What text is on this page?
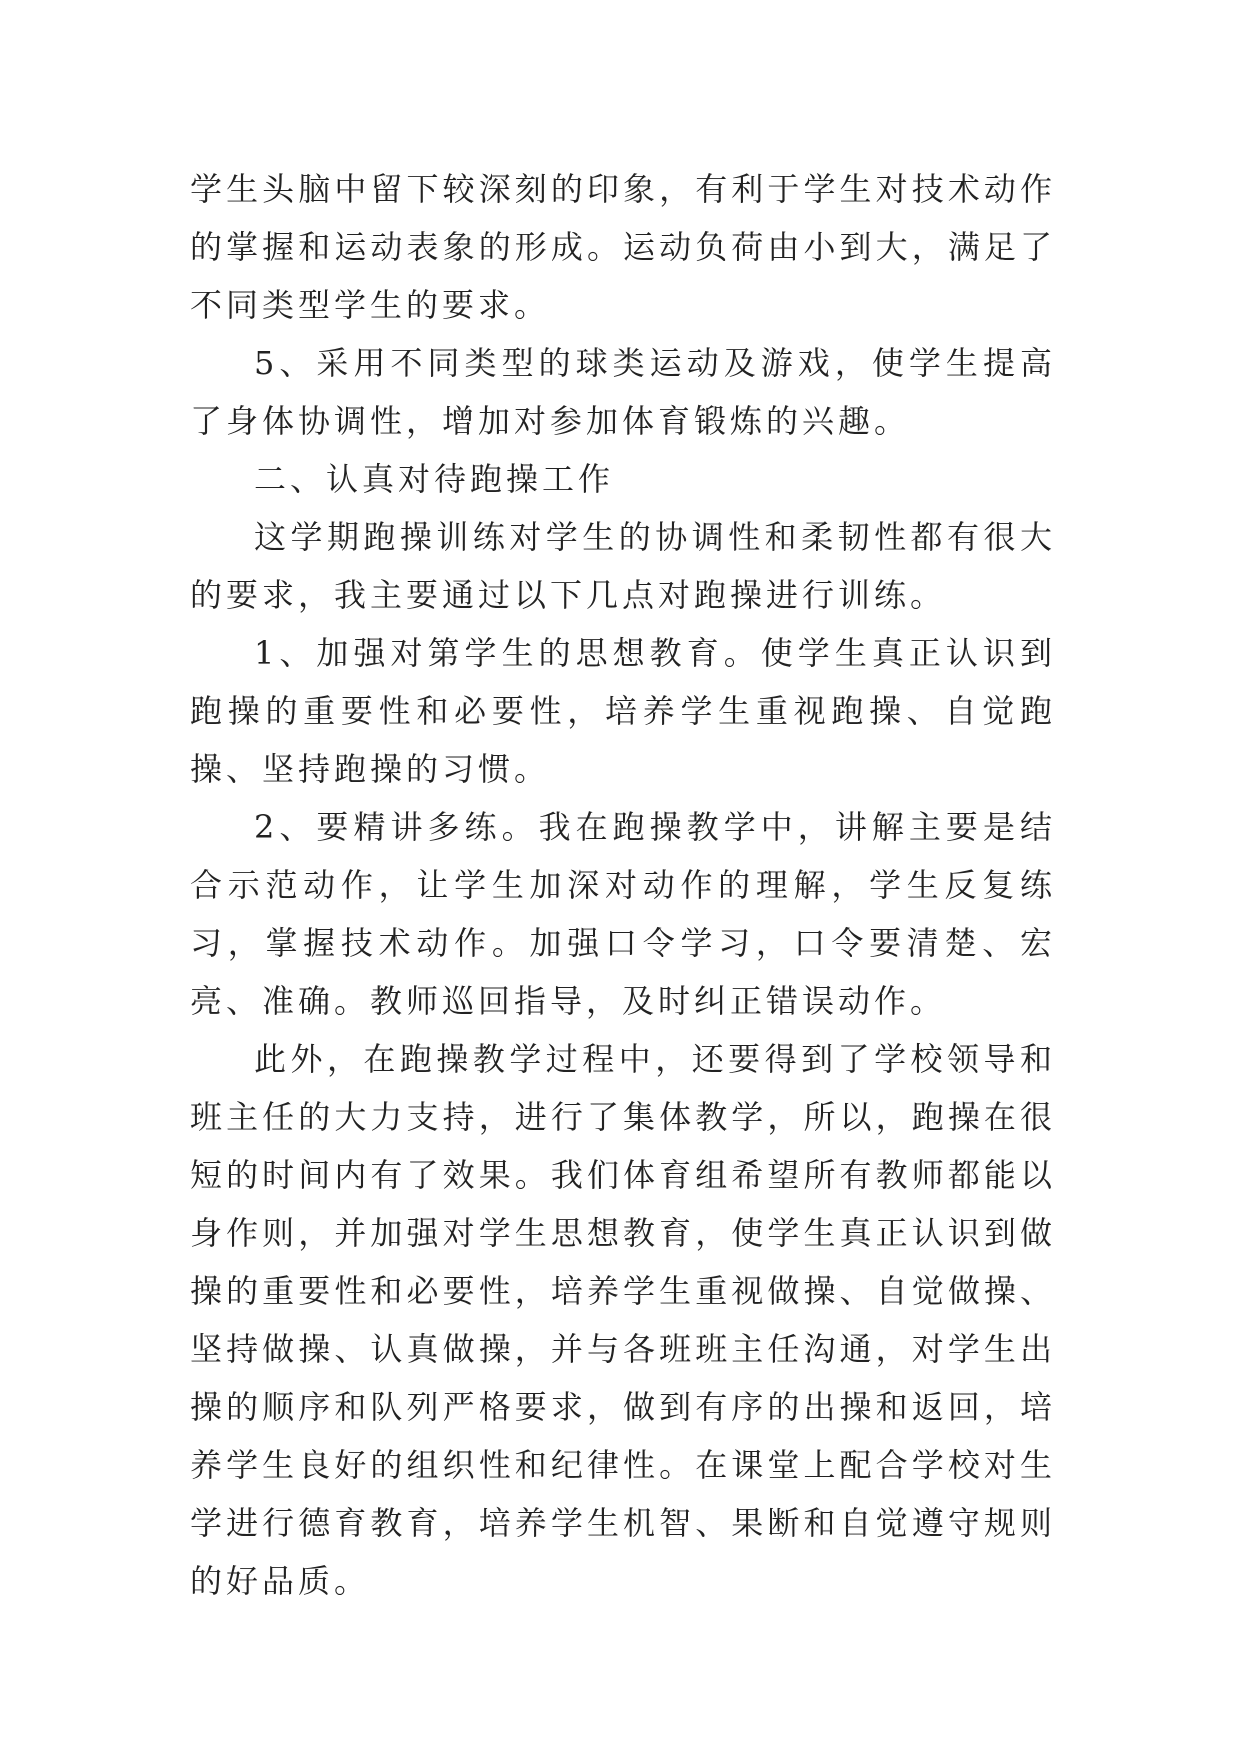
学生头脑中留下较深刻的印象，有利于学生对技术动作的掌握和运动表象的形成。运动负荷由小到大，满足了不同类型学生的要求。

5、采用不同类型的球类运动及游戏，使学生提高了身体协调性，增加对参加体育锻炼的兴趣。

二、认真对待跑操工作

这学期跑操训练对学生的协调性和柔韧性都有很大的要求，我主要通过以下几点对跑操进行训练。

1、加强对第学生的思想教育。使学生真正认识到跑操的重要性和必要性，培养学生重视跑操、自觉跑操、坚持跑操的习惯。

2、要精讲多练。我在跑操教学中，讲解主要是结合示范动作，让学生加深对动作的理解，学生反复练习，掌握技术动作。加强口令学习，口令要清楚、宏亮、准确。教师巡回指导，及时纠正错误动作。

此外，在跑操教学过程中，还要得到了学校领导和班主任的大力支持，进行了集体教学，所以，跑操在很短的时间内有了效果。我们体育组希望所有教师都能以身作则，并加强对学生思想教育，使学生真正认识到做操的重要性和必要性，培养学生重视做操、自觉做操、坚持做操、认真做操，并与各班班主任沟通，对学生出操的顺序和队列严格要求，做到有序的出操和返回，培养学生良好的组织性和纪律性。在课堂上配合学校对生学进行德育教育，培养学生机智、果断和自觉遵守规则的好品质。
